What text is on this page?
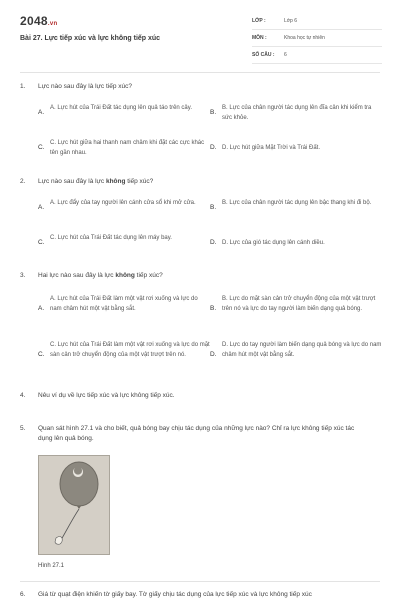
2048.vn
Bài 27. Lực tiếp xúc và lực không tiếp xúc
LỚP :	Lớp 6
MÔN :	Khoa học tự nhiên
SỐ CÂU :	6
1. Lực nào sau đây là lực tiếp xúc?
A.
A. Lực hút của Trái Đất tác dụng lên quả táo trên cây.
B.
B. Lực của chân người tác dụng lên đĩa cân khi kiểm tra sức khỏe.
C.
C. Lực hút giữa hai thanh nam châm khi đặt các cực khác tên gần nhau.
D. D. Lực hút giữa Mặt Trời và Trái Đất.
2. Lực nào sau đây là lực không tiếp xúc?
A.
A. Lực đẩy của tay người lên cánh cửa sổ khi mở cửa.
B.
B. Lực của chân người tác dụng lên bậc thang khi đi bộ.
C.
C. Lực hút của Trái Đất tác dụng lên máy bay.
D. D. Lực của gió tác dụng lên cánh diều.
3. Hai lực nào sau đây là lực không tiếp xúc?
A.
A. Lực hút của Trái Đất làm một vật rơi xuống và lực do nam châm hút một vật bằng sắt.	B.
B. Lực do mặt sàn cản trở chuyển động của một vật trượt trên nó và lực do tay người làm biến dạng quả bóng.
C.
C. Lực hút của Trái Đất làm một vật rơi xuống và lực do mặt sàn cản trở chuyển động của một vật trượt trên nó.	D.
D. Lực do tay người làm biến dạng quả bóng và lực do nam châm hút một vật bằng sắt.
4. Nêu ví dụ về lực tiếp xúc và lực không tiếp xúc.
5.	Quan sát hình 27.1 và cho biết, quả bóng bay chịu tác dụng của những lực nào? Chỉ ra lực không tiếp xúc tác dụng lên quả bóng.
Hình 27.1
6. Giá từ quạt điện khiến tờ giấy bay. Tờ giấy chịu tác dụng của lực tiếp xúc và lực không tiếp xúc
